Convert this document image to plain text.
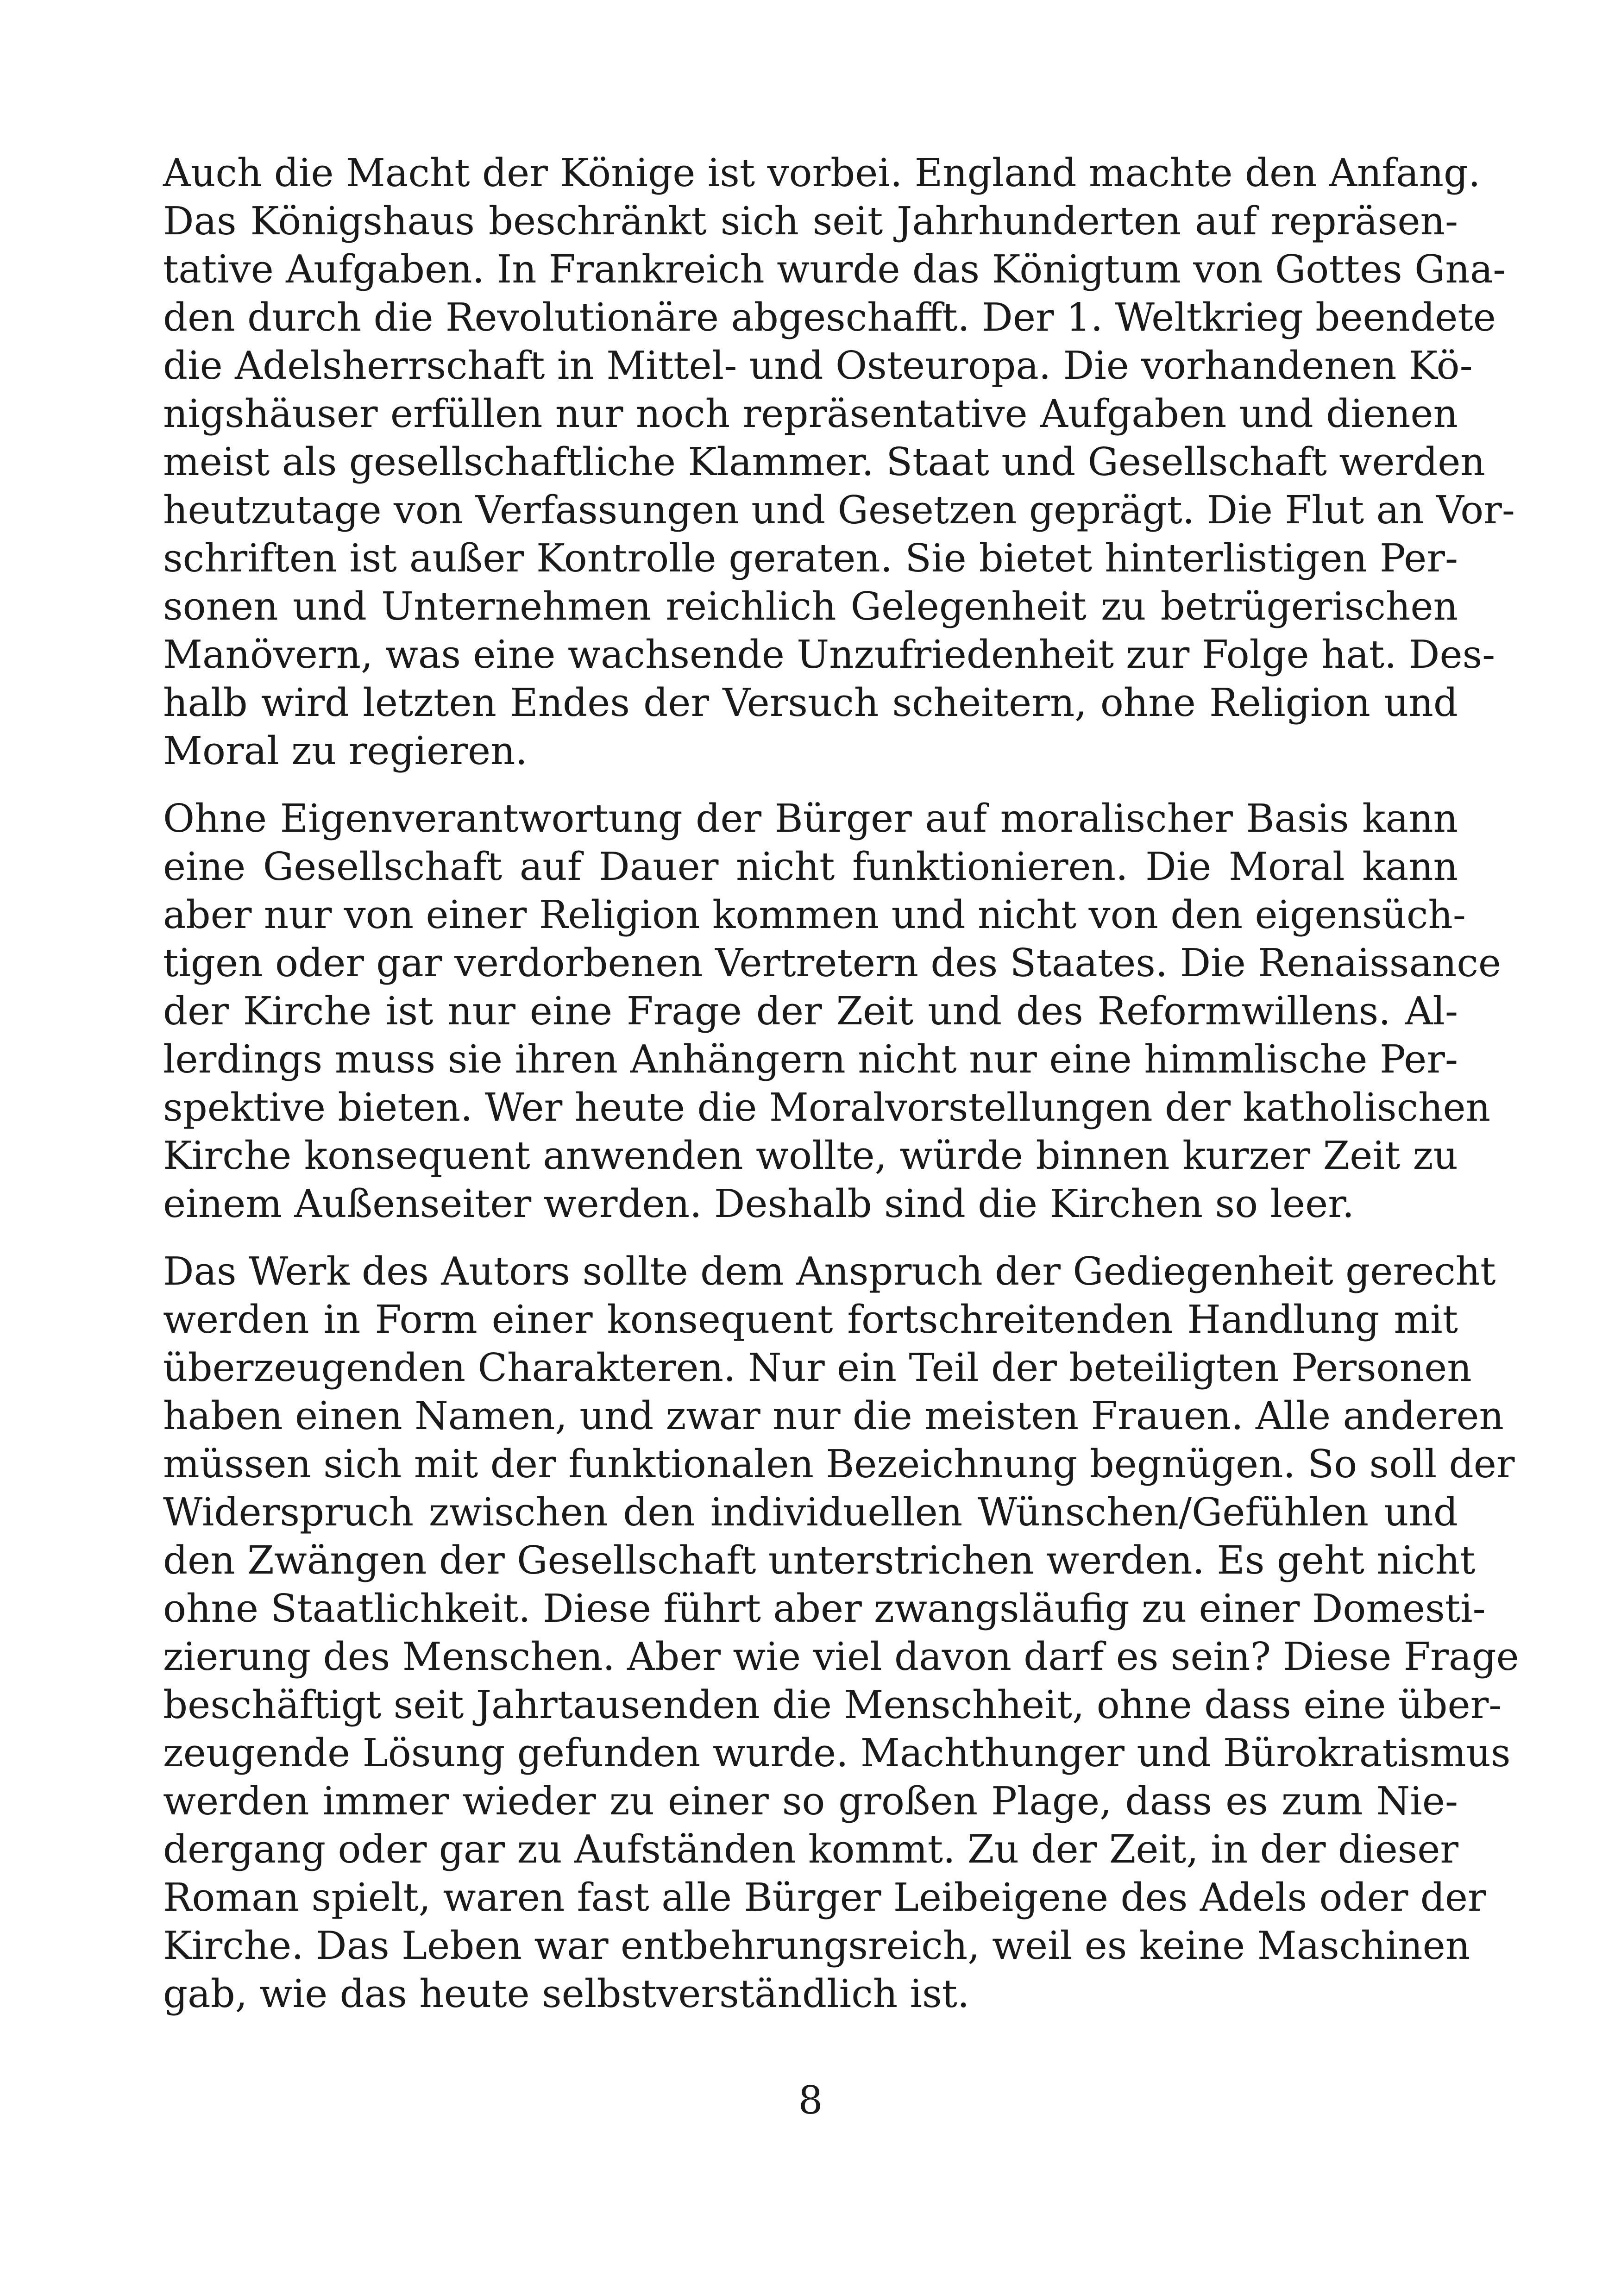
Auch die Macht der Könige ist vorbei. England machte den Anfang.
Das Königshaus beschränkt sich seit Jahrhunderten auf repräsen-
tative Aufgaben. In Frankreich wurde das Königtum von Gottes Gna-
den durch die Revolutionäre abgeschafft. Der 1. Weltkrieg beendete
die Adelsherrschaft in Mittel- und Osteuropa. Die vorhandenen Kö-
nigshäuser erfüllen nur noch repräsentative Aufgaben und dienen
meist als gesellschaftliche Klammer. Staat und Gesellschaft werden
heutzutage von Verfassungen und Gesetzen geprägt. Die Flut an Vor-
schriften ist außer Kontrolle geraten. Sie bietet hinterlistigen Per-
sonen und Unternehmen reichlich Gelegenheit zu betrügerischen
Manövern, was eine wachsende Unzufriedenheit zur Folge hat. Des-
halb wird letzten Endes der Versuch scheitern, ohne Religion und
Moral zu regieren.
Ohne Eigenverantwortung der Bürger auf moralischer Basis kann
eine Gesellschaft auf Dauer nicht funktionieren. Die Moral kann
aber nur von einer Religion kommen und nicht von den eigensüch-
tigen oder gar verdorbenen Vertretern des Staates. Die Renaissance
der Kirche ist nur eine Frage der Zeit und des Reformwillens. Al-
lerdings muss sie ihren Anhängern nicht nur eine himmlische Per-
spektive bieten. Wer heute die Moralvorstellungen der katholischen
Kirche konsequent anwenden wollte, würde binnen kurzer Zeit zu
einem Außenseiter werden. Deshalb sind die Kirchen so leer.
Das Werk des Autors sollte dem Anspruch der Gediegenheit gerecht
werden in Form einer konsequent fortschreitenden Handlung mit
überzeugenden Charakteren. Nur ein Teil der beteiligten Personen
haben einen Namen, und zwar nur die meisten Frauen. Alle anderen
müssen sich mit der funktionalen Bezeichnung begnügen. So soll der
Widerspruch zwischen den individuellen Wünschen/Gefühlen und
den Zwängen der Gesellschaft unterstrichen werden. Es geht nicht
ohne Staatlichkeit. Diese führt aber zwangsläufig zu einer Domesti-
zierung des Menschen. Aber wie viel davon darf es sein? Diese Frage
beschäftigt seit Jahrtausenden die Menschheit, ohne dass eine über-
zeugende Lösung gefunden wurde. Machthunger und Bürokratismus
werden immer wieder zu einer so großen Plage, dass es zum Nie-
dergang oder gar zu Aufständen kommt. Zu der Zeit, in der dieser
Roman spielt, waren fast alle Bürger Leibeigene des Adels oder der
Kirche. Das Leben war entbehrungsreich, weil es keine Maschinen
gab, wie das heute selbstverständlich ist.
8
